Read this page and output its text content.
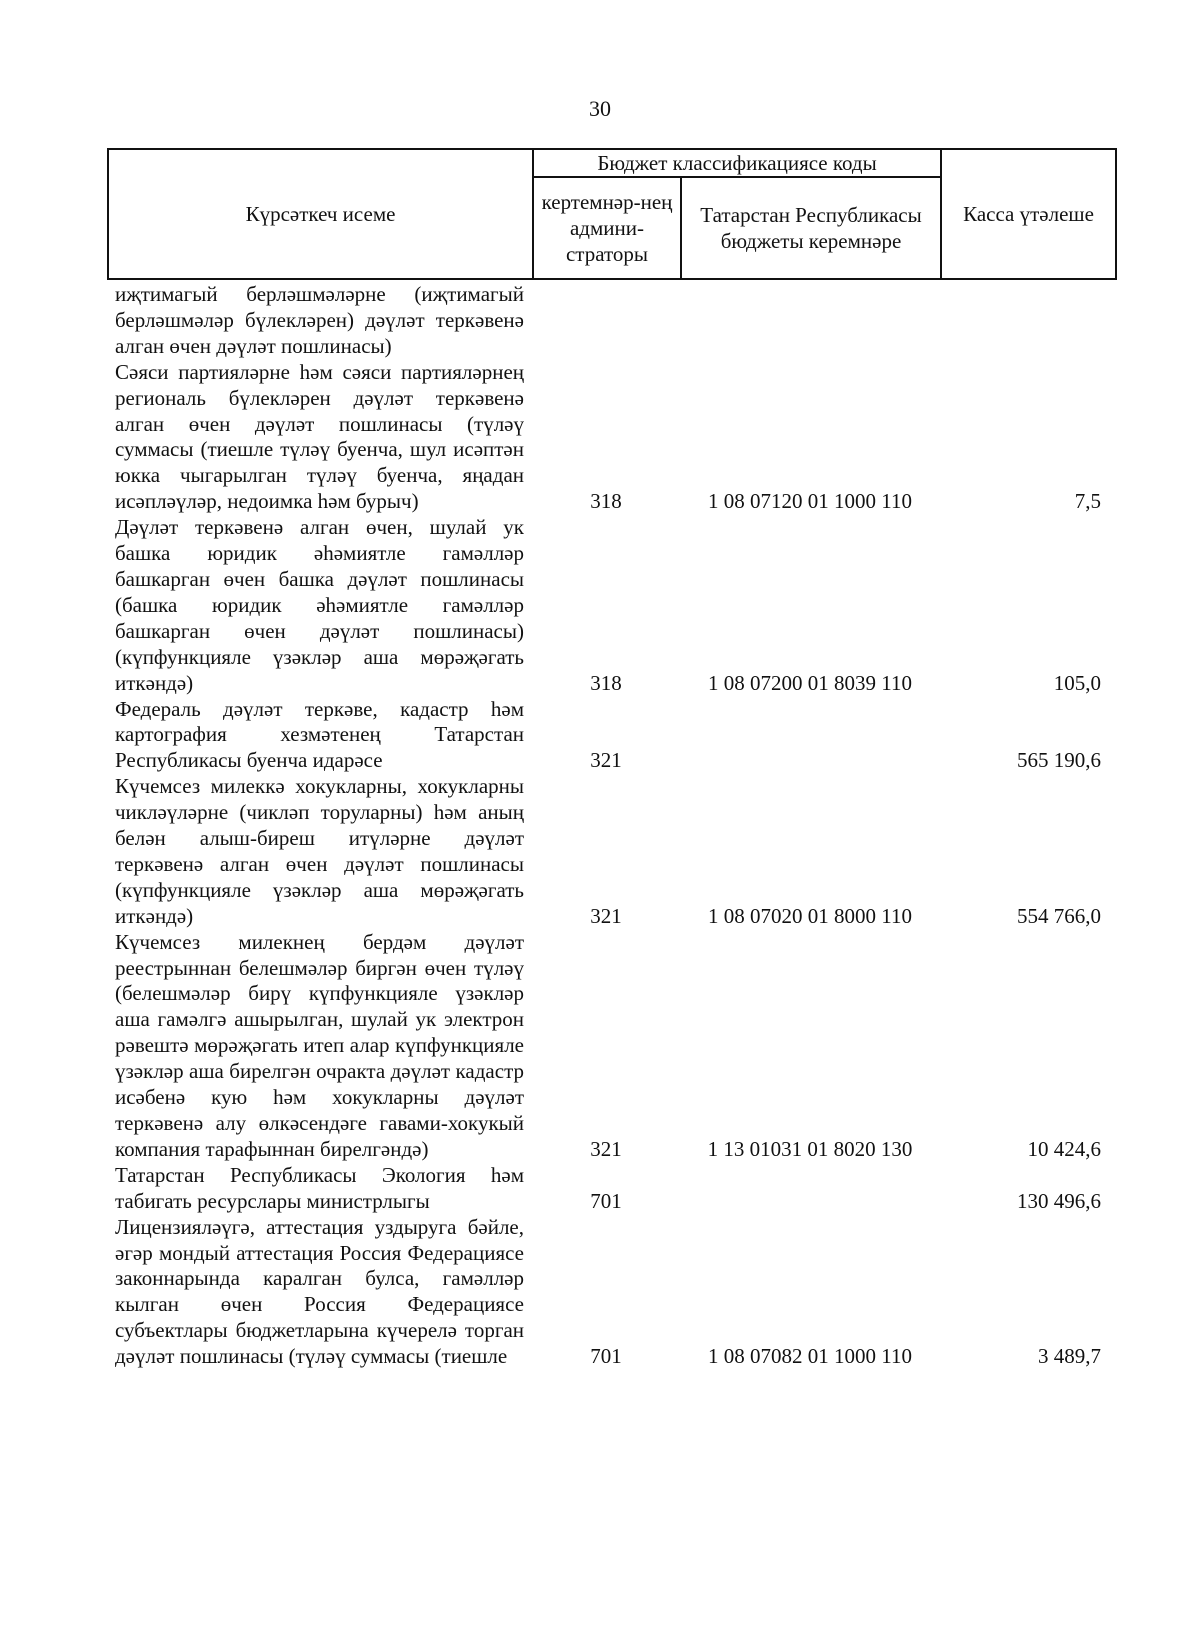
30
Күрсәткеч исеме	Бюджет классификациясе коды		Касса үтәлеше
	кертемнәр-нең админи-страторы	Татарстан Республикасы бюджеты керемнәре	
иҗтимагый берләшмәләрне (иҗтимагый берләшмәләр бүлекләрен) дәүләт теркәвенә алган өчен дәүләт пошлинасы)			
Сәяси партияләрне һәм сәяси партияләрнең региональ бүлекләрен дәүләт теркәвенә алган өчен дәүләт пошлинасы (түләү суммасы (тиешле түләү буенча, шул исәптән юкка чыгарылган түләү буенча, яңадан исәпләүләр, недоимка һәм бурыч)	318	1 08 07120 01 1000 110	7,5
Дәүләт теркәвенә алган өчен, шулай ук башка юридик әһәмиятле гамәлләр башкарган өчен башка дәүләт пошлинасы (башка юридик әһәмиятле гамәлләр башкарган өчен дәүләт пошлинасы) (күпфункцияле үзәкләр аша мөрәҗәгать иткәндә)	318	1 08 07200 01 8039 110	105,0
Федераль дәүләт теркәве, кадастр һәм картография хезмәтенең Татарстан Республикасы буенча идарәсе	321		565 190,6
Күчемсез милеккә хокукларны, хокукларны чикләүләрне (чикләп торуларны) һәм аның белән алыш-биреш итүләрне дәүләт теркәвенә алган өчен дәүләт пошлинасы (күпфункцияле үзәкләр аша мөрәҗәгать иткәндә)	321	1 08 07020 01 8000 110	554 766,0
Күчемсез милекнең бердәм дәүләт реестрыннан белешмәләр биргән өчен түләү (белешмәләр бирү күпфункцияле үзәкләр аша гамәлгә ашырылган, шулай ук электрон рәвештә мөрәҗәгать итеп алар күпфункцияле үзәкләр аша бирелгән очракта дәүләт кадастр исәбенә кую һәм хокукларны дәүләт теркәвенә алу өлкәсендәге гавами-хокукый компания тарафыннан бирелгәндә)	321	1 13 01031 01 8020 130	10 424,6
Татарстан Республикасы Экология һәм табигать ресурслары министрлыгы	701		130 496,6
Лицензияләүгә, аттестация уздыруга бәйле, әгәр мондый аттестация Россия Федерациясе законнарында каралган булса, гамәлләр кылган өчен Россия Федерациясе субъектлары бюджетларына күчерелә торган дәүләт пошлинасы (түләү суммасы (тиешле	701	1 08 07082 01 1000 110	3 489,7
